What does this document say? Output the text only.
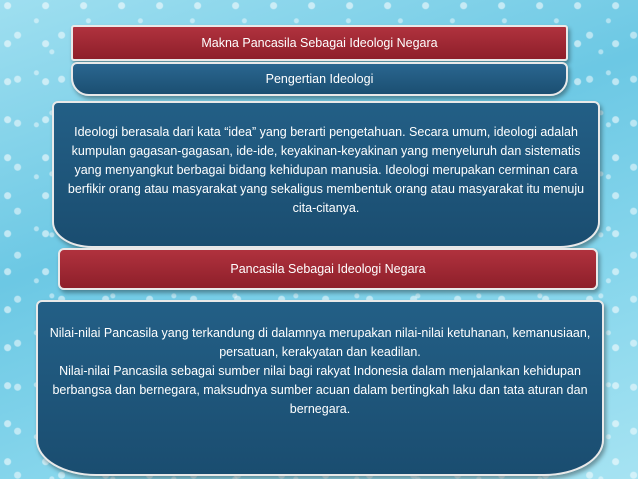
Makna Pancasila Sebagai Ideologi Negara
Pengertian Ideologi

Ideologi berasala dari kata “idea” yang berarti pengetahuan. Secara umum, ideologi adalah kumpulan gagasan-gagasan, ide-ide, keyakinan-keyakinan yang menyeluruh dan sistematis yang menyangkut berbagai bidang kehidupan manusia. Ideologi merupakan cerminan cara berfikir orang atau masyarakat yang sekaligus membentuk orang atau masyarakat itu menuju cita-citanya.

Pancasila Sebagai Ideologi Negara

Nilai-nilai Pancasila yang terkandung di dalamnya merupakan nilai-nilai ketuhanan, kemanusiaan, persatuan, kerakyatan dan keadilan.

Nilai-nilai Pancasila sebagai sumber nilai bagi rakyat Indonesia dalam menjalankan kehidupan berbangsa dan bernegara, maksudnya sumber acuan dalam bertingkah laku dan tata aturan dan bernegara.
